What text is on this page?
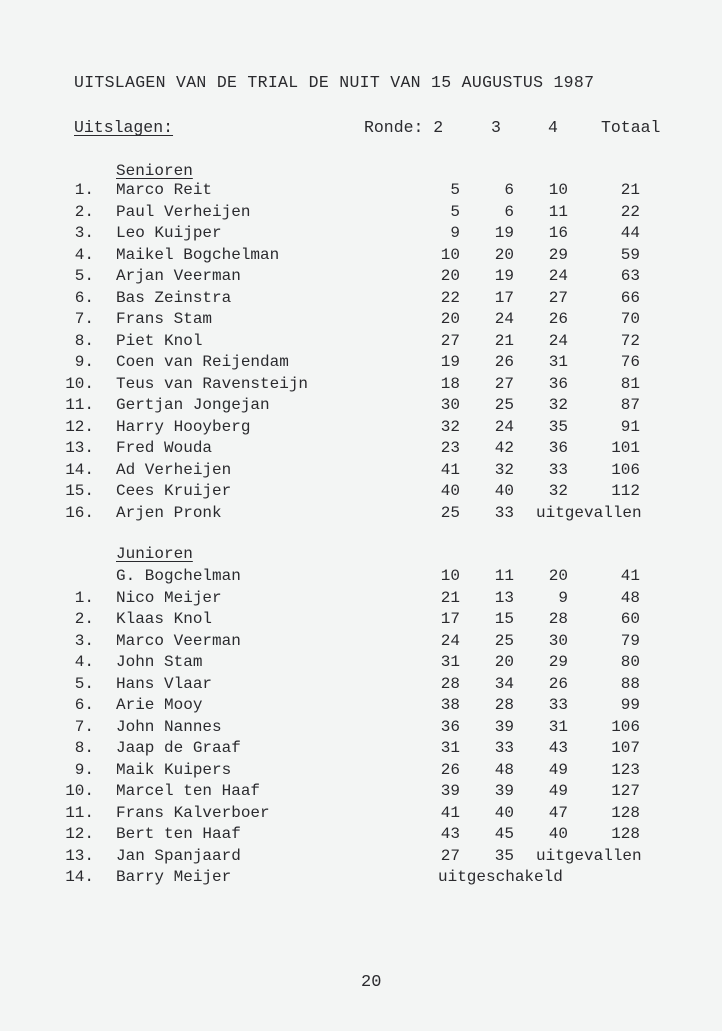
UITSLAGEN VAN DE TRIAL DE NUIT VAN 15 AUGUSTUS 1987
Uitslagen:	Ronde: 2	3	4	Totaal
Senioren
1. Marco Reit	5	6	10	21
2. Paul Verheijen	5	6	11	22
3. Leo Kuijper	9	19	16	44
4. Maikel Bogchelman	10	20	29	59
5. Arjan Veerman	20	19	24	63
6. Bas Zeinstra	22	17	27	66
7. Frans Stam	20	24	26	70
8. Piet Knol	27	21	24	72
9. Coen van Reijendam	19	26	31	76
10. Teus van Ravensteijn	18	27	36	81
11. Gertjan Jongejan	30	25	32	87
12. Harry Hooyberg	32	24	35	91
13. Fred Wouda	23	42	36	101
14. Ad Verheijen	41	32	33	106
15. Cees Kruijer	40	40	32	112
16. Arjen Pronk	25	33 uitgevallen
Junioren
G. Bogchelman	10	11	20	41
1. Nico Meijer	21	13	9	48
2. Klaas Knol	17	15	28	60
3. Marco Veerman	24	25	30	79
4. John Stam	31	20	29	80
5. Hans Vlaar	28	34	26	88
6. Arie Mooy	38	28	33	99
7. John Nannes	36	39	31	106
8. Jaap de Graaf	31	33	43	107
9. Maik Kuipers	26	48	49	123
10. Marcel ten Haaf	39	39	49	127
11. Frans Kalverboer	41	40	47	128
12. Bert ten Haaf	43	45	40	128
13. Jan Spanjaard	27	35 uitgevallen
14. Barry Meijer	uitgeschakeld
20
